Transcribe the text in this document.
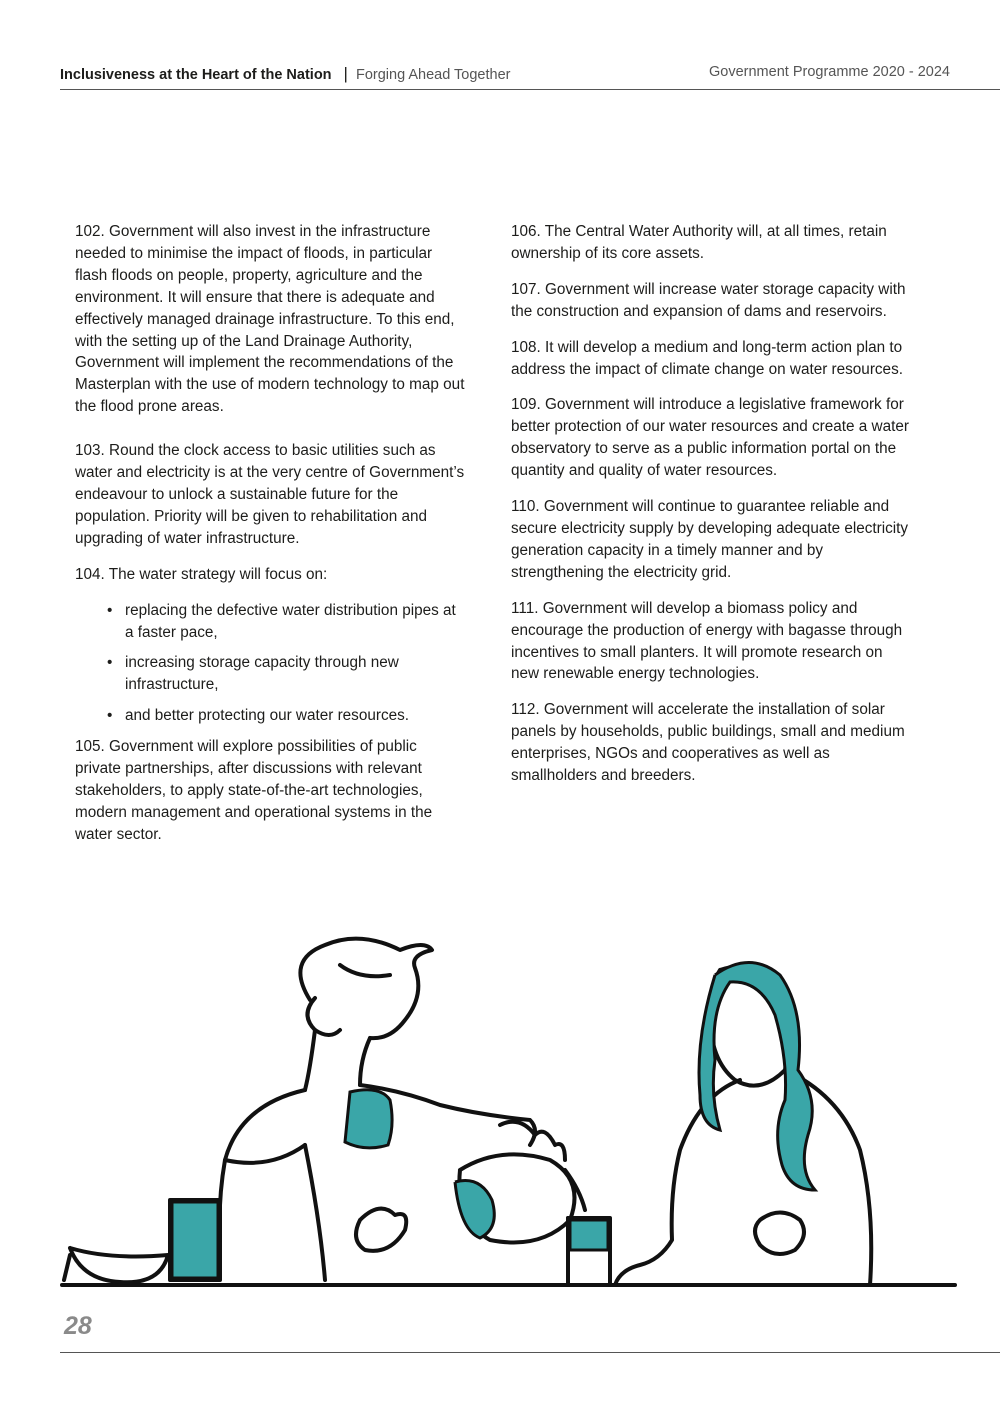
Inclusiveness at the Heart of the Nation | Forging Ahead Together	Government Programme 2020 - 2024

102. Government will also invest in the infrastructure needed to minimise the impact of floods, in particular flash floods on people, property, agriculture and the environment. It will ensure that there is adequate and effectively managed drainage infrastructure. To this end, with the setting up of the Land Drainage Authority, Government will implement the recommendations of the Masterplan with the use of modern technology to map out the flood prone areas.

103. Round the clock access to basic utilities such as water and electricity is at the very centre of Government’s endeavour to unlock a sustainable future for the population. Priority will be given to rehabilitation and upgrading of water infrastructure.

104. The water strategy will focus on:

• replacing the defective water distribution pipes at a faster pace,
• increasing storage capacity through new infrastructure,
• and better protecting our water resources.

105. Government will explore possibilities of public private partnerships, after discussions with relevant stakeholders, to apply state-of-the-art technologies, modern management and operational systems in the water sector.

106. The Central Water Authority will, at all times, retain ownership of its core assets.

107. Government will increase water storage capacity with the construction and expansion of dams and reservoirs.

108. It will develop a medium and long-term action plan to address the impact of climate change on water resources.

109. Government will introduce a legislative framework for better protection of our water resources and create a water observatory to serve as a public information portal on the quantity and quality of water resources.

110. Government will continue to guarantee reliable and secure electricity supply by developing adequate electricity generation capacity in a timely manner and by strengthening the electricity grid.

111. Government will develop a biomass policy and encourage the production of energy with bagasse through incentives to small planters. It will promote research on new renewable energy technologies.

112. Government will accelerate the installation of solar panels by households, public buildings, small and medium enterprises, NGOs and cooperatives as well as smallholders and breeders.

28
